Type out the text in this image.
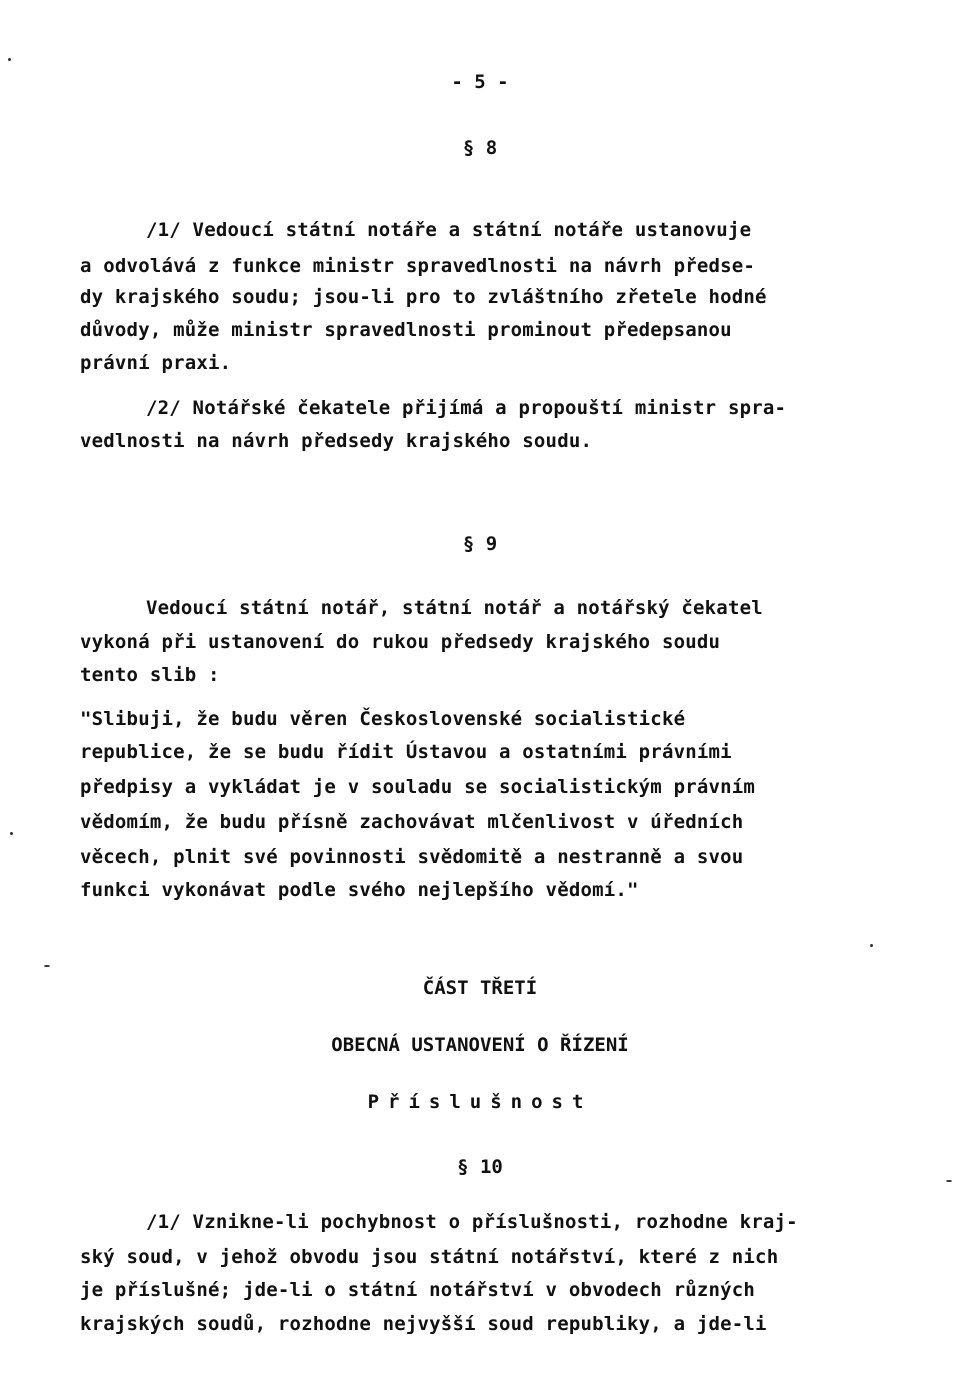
- 5 -
§ 8
/1/ Vedoucí státní notáře a státní notáře ustanovuje
a odvolává z funkce ministr spravedlnosti na návrh předse-
dy krajského soudu; jsou-li pro to zvláštního zřetele hodné
důvody, může ministr spravedlnosti prominout předepsanou
právní praxi.
/2/ Notářské čekatele přijímá a propouští ministr spra-
vedlnosti na návrh předsedy krajského soudu.
§ 9
Vedoucí státní notář, státní notář a notářský čekatel
vykoná při ustanovení do rukou předsedy krajského soudu
tento slib :
"Slibuji, že budu věren Československé socialistické
republice, že se budu řídit Ústavou a ostatními právními
předpisy a vykládat je v souladu se socialistickým právním
vědomím, že budu přísně zachovávat mlčenlivost v úředních
věcech, plnit své povinnosti svědomitě a nestranně a svou
funkci vykonávat podle svého nejlepšího vědomí."
ČÁST TŘETÍ
OBECNÁ USTANOVENÍ O ŘÍZENÍ
Příslušnost
§ 10
/1/ Vznikne-li pochybnost o příslušnosti, rozhodne kraj-
ský soud, v jehož obvodu jsou státní notářství, které z nich
je příslušné; jde-li o státní notářství v obvodech různých
krajských soudů, rozhodne nejvyšší soud republiky, a jde-li
